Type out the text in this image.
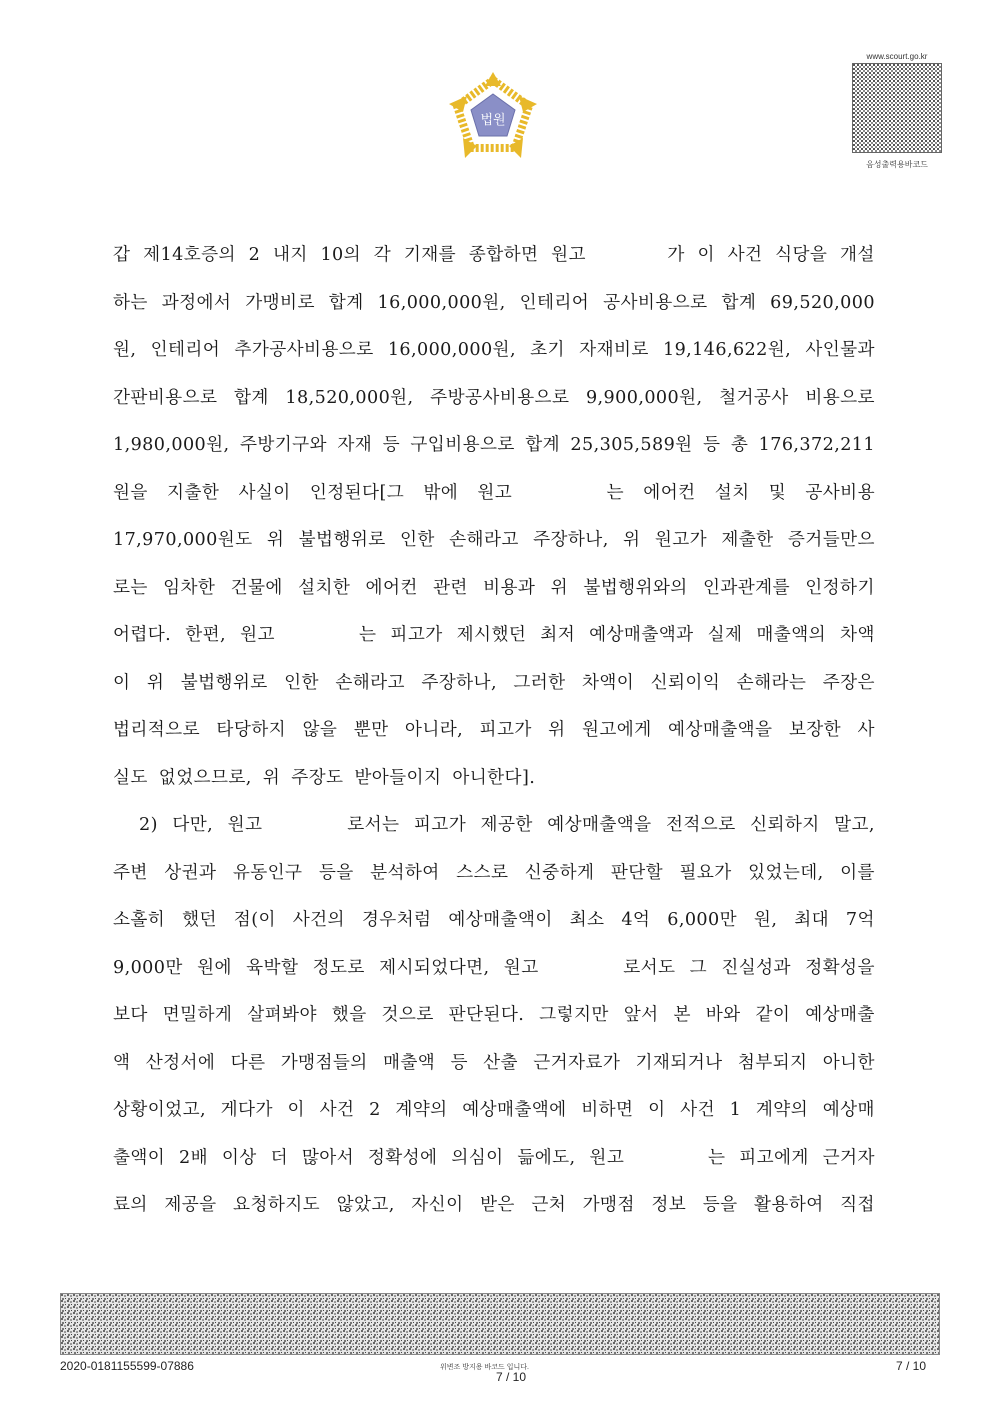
법원
www.scourt.go.kr
음성출력용바코드
갑 제14호증의 2 내지 10의 각 기재를 종합하면 원고	가 이 사건 식당을 개설
하는 과정에서 가맹비로 합계 16,000,000원, 인테리어 공사비용으로 합계 69,520,000
원, 인테리어 추가공사비용으로 16,000,000원, 초기 자재비로 19,146,622원, 사인물과
간판비용으로 합계 18,520,000원, 주방공사비용으로 9,900,000원, 철거공사 비용으로
1,980,000원, 주방기구와 자재 등 구입비용으로 합계 25,305,589원 등 총 176,372,211
원을 지출한 사실이 인정된다[그 밖에 원고	는 에어컨 설치 및 공사비용
17,970,000원도 위 불법행위로 인한 손해라고 주장하나, 위 원고가 제출한 증거들만으
로는 임차한 건물에 설치한 에어컨 관련 비용과 위 불법행위와의 인과관계를 인정하기
어렵다. 한편, 원고	는 피고가 제시했던 최저 예상매출액과 실제 매출액의 차액
이 위 불법행위로 인한 손해라고 주장하나, 그러한 차액이 신뢰이익 손해라는 주장은
법리적으로 타당하지 않을 뿐만 아니라, 피고가 위 원고에게 예상매출액을 보장한 사
실도 없었으므로, 위 주장도 받아들이지 아니한다].
2) 다만, 원고	로서는 피고가 제공한 예상매출액을 전적으로 신뢰하지 말고,
주변 상권과 유동인구 등을 분석하여 스스로 신중하게 판단할 필요가 있었는데, 이를
소홀히 했던 점(이 사건의 경우처럼 예상매출액이 최소 4억 6,000만 원, 최대 7억
9,000만 원에 육박할 정도로 제시되었다면, 원고	로서도 그 진실성과 정확성을
보다 면밀하게 살펴봐야 했을 것으로 판단된다. 그렇지만 앞서 본 바와 같이 예상매출
액 산정서에 다른 가맹점들의 매출액 등 산출 근거자료가 기재되거나 첨부되지 아니한
상황이었고, 게다가 이 사건 2 계약의 예상매출액에 비하면 이 사건 1 계약의 예상매
출액이 2배 이상 더 많아서 정확성에 의심이 듦에도, 원고	는 피고에게 근거자
료의 제공을 요청하지도 않았고, 자신이 받은 근처 가맹점 정보 등을 활용하여 직접
2020-0181155599-07886	위변조 방지용 바코드 입니다.
7 / 10
7 / 10
